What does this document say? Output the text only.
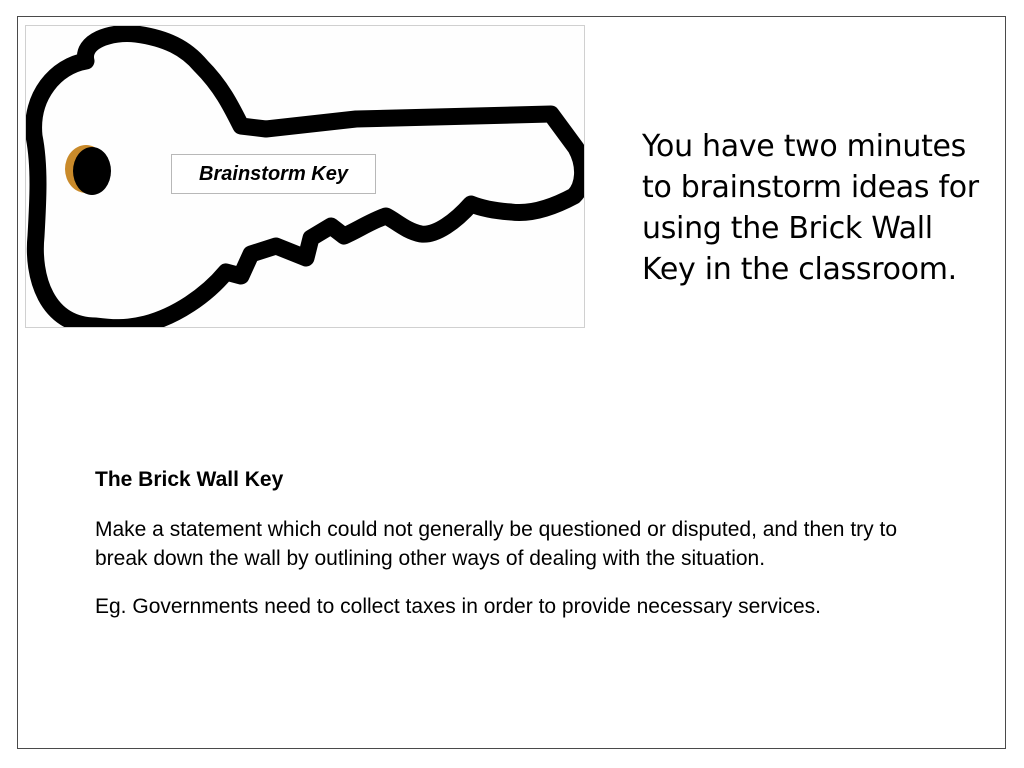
Brainstorm Key
You have two minutes to brainstorm ideas for using the Brick Wall Key in the classroom.

The Brick Wall Key

Make a statement which could not generally be questioned or disputed, and then try to break down the wall by outlining other ways of dealing with the situation.

Eg. Governments need to collect taxes in order to provide necessary services.
